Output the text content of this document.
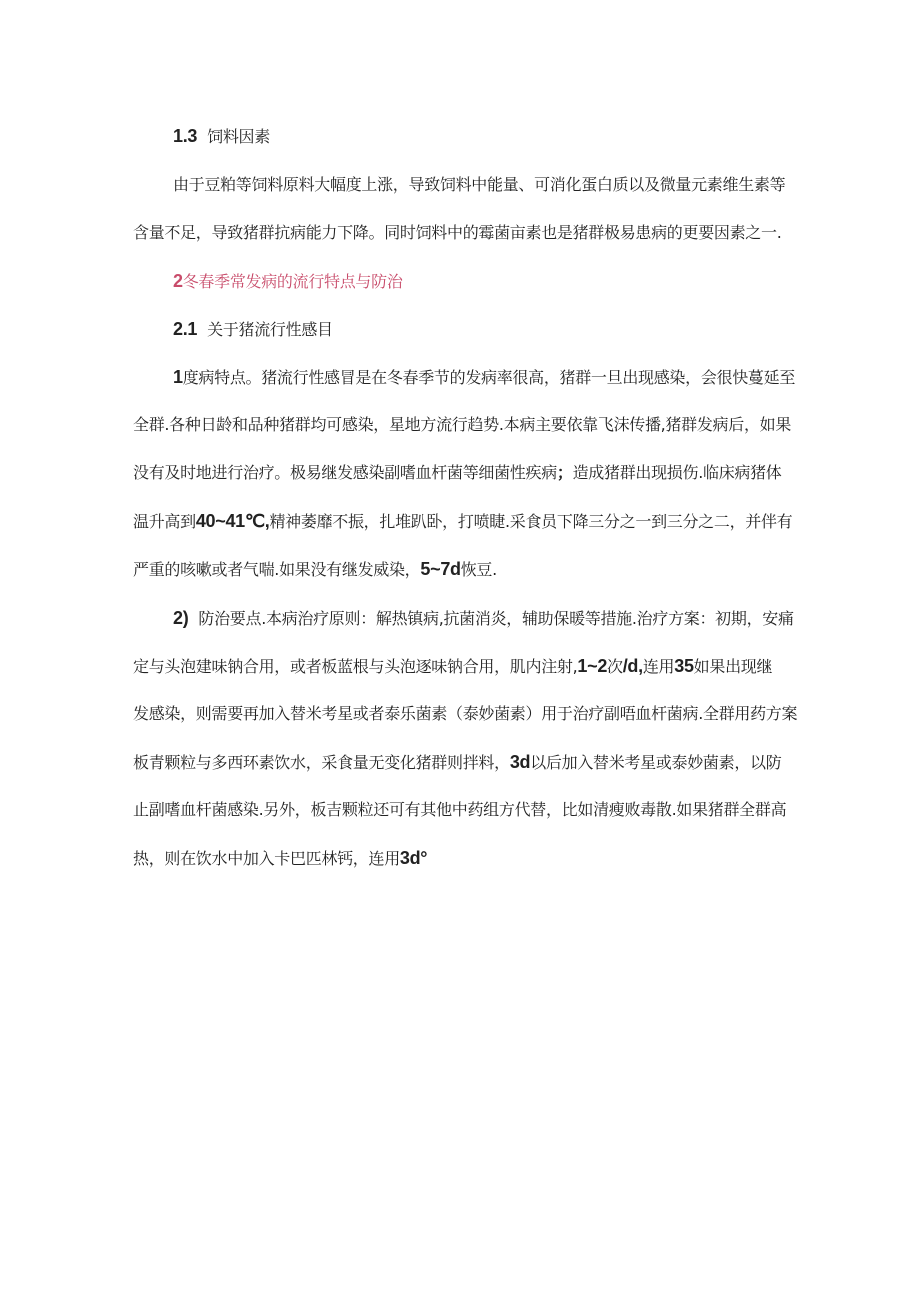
1.3 饲料因素
由于豆粕等饲料原料大幅度上涨，导致饲料中能量、可消化蛋白质以及微量元素维生素等
含量不足，导致猪群抗病能力下降。同时饲料中的霉菌亩素也是猪群极易患病的更要因素之一.
2冬春季常发病的流行特点与防治
2.1 关于猪流行性感目
1度病特点。猪流行性感冒是在冬春季节的发病率很高，猪群一旦出现感染，会很快蔓延至
全群.各种日龄和品种猪群均可感染，星地方流行趋势.本病主要依靠飞沫传播,猪群发病后，如果
没有及时地进行治疗。极易继发感染副嗜血杆菌等细菌性疾病；造成猪群出现损伤.临床病猪体
温升高到40~41℃,精神萎靡不振，扎堆趴卧，打喷睫.采食员下降三分之一到三分之二，并伴有
严重的咳嗽或者气喘.如果没有继发威染，5~7d恢豆.
2) 防治要点.本病治疗原则：解热镇病,抗菌消炎，辅助保暖等措施.治疗方案：初期，安痛
定与头泡建味钠合用，或者板蓝根与头泡逐味钠合用，肌内注射,1~2次/d,连用35如果出现继
发感染，则需要再加入替米考星或者泰乐菌素（泰妙菌素）用于治疗副唔血杆菌病.全群用药方案
板青颗粒与多西环素饮水，采食量无变化猪群则拌料，3d以后加入替米考星或泰妙菌素，以防
止副嗜血杆菌感染.另外，板吉颗粒还可有其他中药组方代替，比如清瘦败毒散.如果猪群全群高
热，则在饮水中加入卡巴匹林钙，连用3d°
